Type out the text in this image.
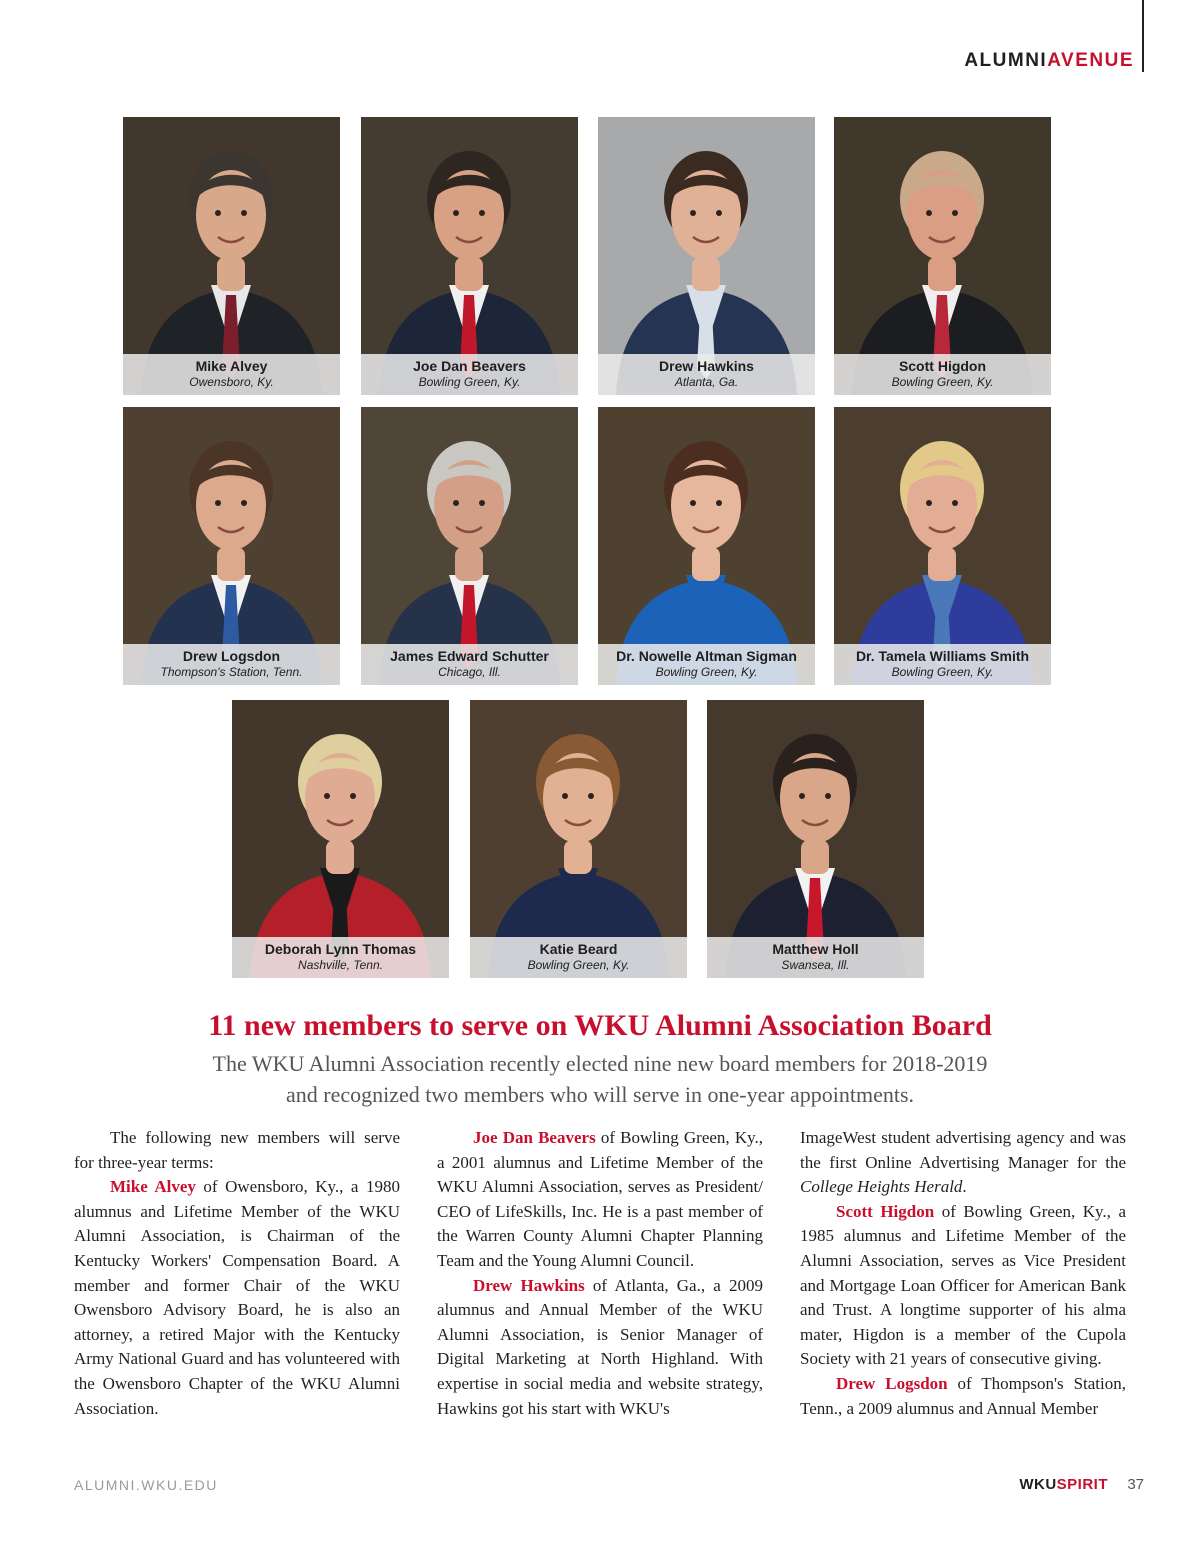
ALUMNIAVENUE
Mike Alvey
Owensboro, Ky.
Joe Dan Beavers
Bowling Green, Ky.
Drew Hawkins
Atlanta, Ga.
Scott Higdon
Bowling Green, Ky.
Drew Logsdon
Thompson's Station, Tenn.
James Edward Schutter
Chicago, Ill.
Dr. Nowelle Altman Sigman
Bowling Green, Ky.
Dr. Tamela Williams Smith
Bowling Green, Ky.
Deborah Lynn Thomas
Nashville, Tenn.
Katie Beard
Bowling Green, Ky.
Matthew Holl
Swansea, Ill.
11 new members to serve on WKU Alumni Association Board
The WKU Alumni Association recently elected nine new board members for 2018-2019
and recognized two members who will serve in one-year appointments.

The following new members will serve for three-year terms:

Mike Alvey of Owensboro, Ky., a 1980 alumnus and Lifetime Member of the WKU Alumni Association, is Chairman of the Kentucky Workers' Compensation Board. A member and former Chair of the WKU Owensboro Advisory Board, he is also an attorney, a retired Major with the Kentucky Army National Guard and has volunteered with the Owensboro Chapter of the WKU Alumni Association.

Joe Dan Beavers of Bowling Green, Ky., a 2001 alumnus and Lifetime Member of the WKU Alumni Association, serves as President/ CEO of LifeSkills, Inc. He is a past member of the Warren County Alumni Chapter Planning Team and the Young Alumni Council.

Drew Hawkins of Atlanta, Ga., a 2009 alumnus and Annual Member of the WKU Alumni Association, is Senior Manager of Digital Marketing at North Highland. With expertise in social media and website strategy, Hawkins got his start with WKU's

ImageWest student advertising agency and was the first Online Advertising Manager for the College Heights Herald.

Scott Higdon of Bowling Green, Ky., a 1985 alumnus and Lifetime Member of the Alumni Association, serves as Vice President and Mortgage Loan Officer for American Bank and Trust. A longtime supporter of his alma mater, Higdon is a member of the Cupola Society with 21 years of consecutive giving.

Drew Logsdon of Thompson's Station, Tenn., a 2009 alumnus and Annual Member

ALUMNI.WKU.EDU	WKUSPIRIT 37
